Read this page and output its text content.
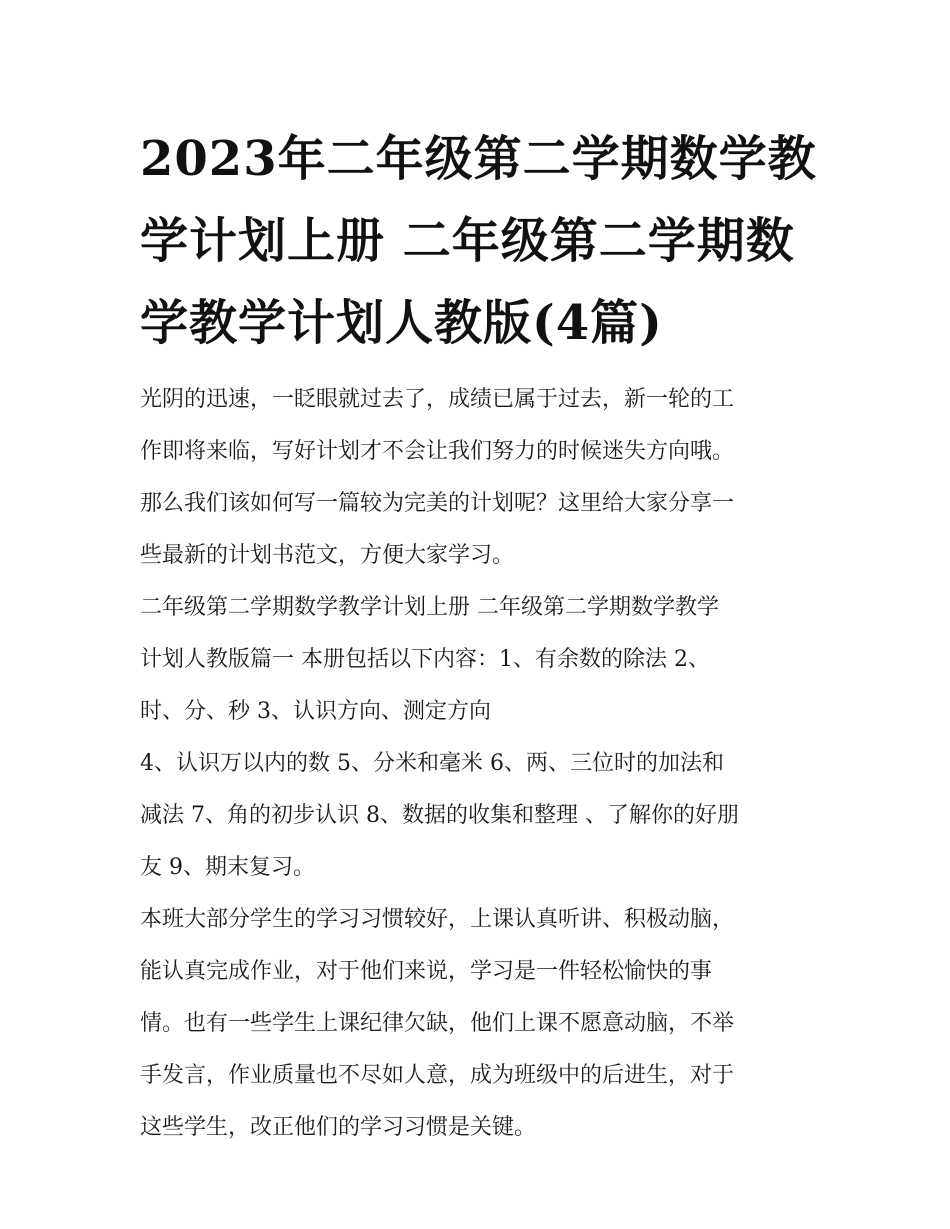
2023年二年级第二学期数学教
学计划上册 二年级第二学期数
学教学计划人教版(4篇)

光阴的迅速，一眨眼就过去了，成绩已属于过去，新一轮的工
作即将来临，写好计划才不会让我们努力的时候迷失方向哦。
那么我们该如何写一篇较为完美的计划呢？这里给大家分享一
些最新的计划书范文，方便大家学习。

二年级第二学期数学教学计划上册 二年级第二学期数学教学
计划人教版篇一 本册包括以下内容：1、有余数的除法 2、
时、分、秒 3、认识方向、测定方向

4、认识万以内的数 5、分米和毫米 6、两、三位时的加法和
减法 7、角的初步认识 8、数据的收集和整理 、了解你的好朋
友 9、期末复习。

本班大部分学生的学习习惯较好，上课认真听讲、积极动脑，
能认真完成作业，对于他们来说，学习是一件轻松愉快的事
情。也有一些学生上课纪律欠缺，他们上课不愿意动脑，不举
手发言，作业质量也不尽如人意，成为班级中的后进生，对于
这些学生，改正他们的学习习惯是关键。
